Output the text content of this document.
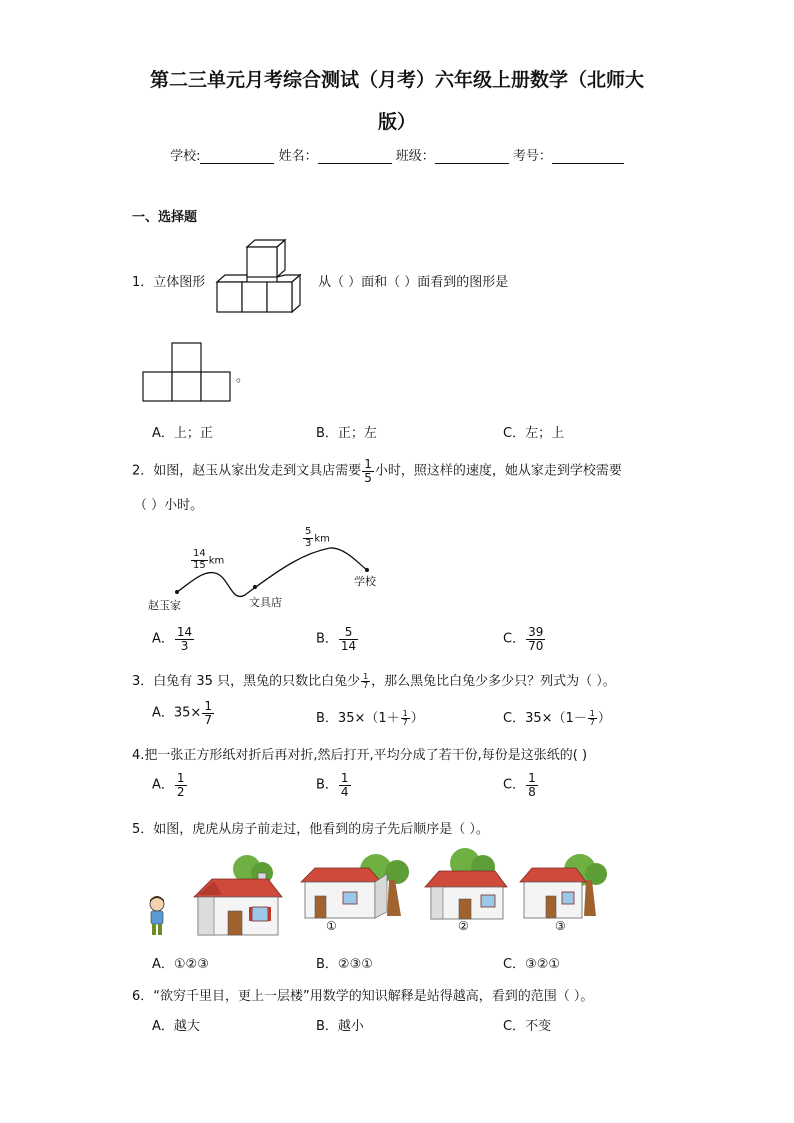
第二三单元月考综合测试（月考）六年级上册数学（北师大
版）
学校:	姓名：	班级：	考号：
一、选择题
1．立体图形	从（ ）面和（ ）面看到的图形是
。
A．上；正	B．正；左	C．左；上
2．如图，赵玉从家出发走到文具店需要 $\frac{1}{5}$ 小时，照这样的速度，她从家走到学校需要
（ ）小时。
$\frac{14}{15}$ km
$\frac{5}{3}$ km
赵玉家	文具店
学校
A． $\frac{14}{3}$	B． $\frac{5}{14}$	C． $\frac{39}{70}$
3．白兔有 35 只，黑兔的只数比白兔少 $\frac{1}{7}$ ，那么黑兔比白兔少多少只？列式为（ ）。
A．$35\times \frac{1}{7}$	B．$35\times(1+ \frac{1}{7}$ ）	C．$35\times(1- \frac{1}{7}$ ）
4.把一张正方形纸对折后再对折,然后打开,平均分成了若干份,每份是这张纸的( )
A． $\frac{1}{2}$	B． $\frac{1}{4}$	C． $\frac{1}{8}$
5．如图，虎虎从房子前走过，他看到的房子先后顺序是（ ）。
①	②	③
A．①②③	B．②③①	C．③②①
6．“欲穷千里目，更上一层楼”用数学的知识解释是站得越高，看到的范围（ ）。
A．越大	B．越小	C．不变
